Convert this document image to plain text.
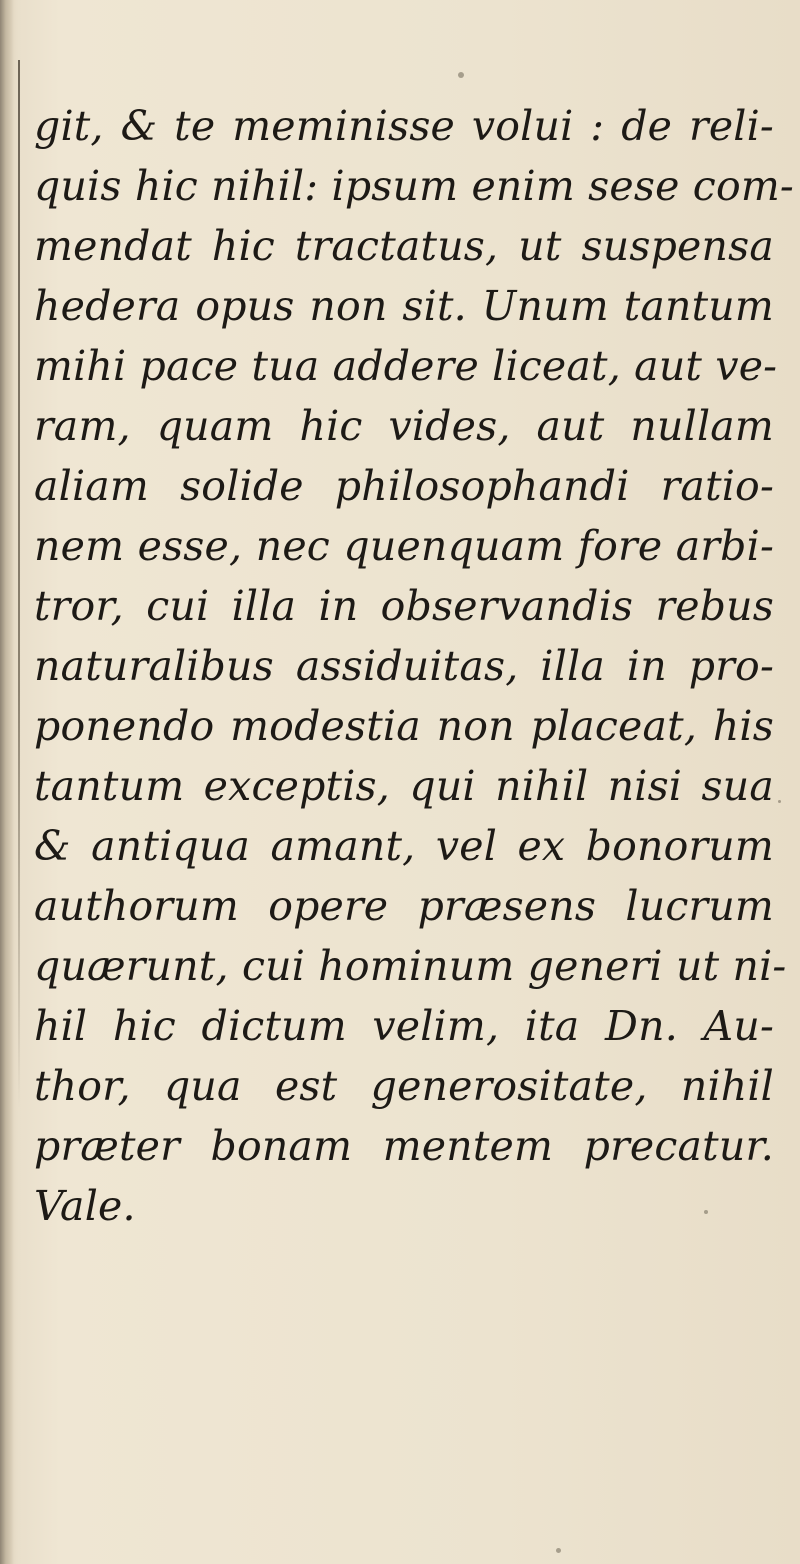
git, & te meminisse volui : de reli-
quis hic nihil: ipsum enim sese com-
mendat hic tractatus, ut suspensa
hedera opus non sit. Unum tantum
mihi pace tua addere liceat, aut ve-
ram, quam hic vides, aut nullam
aliam solide philosophandi ratio-
nem esse, nec quenquam fore arbi-
tror, cui illa in observandis rebus
naturalibus assiduitas, illa in pro-
ponendo modestia non placeat, his
tantum exceptis, qui nihil nisi sua
& antiqua amant, vel ex bonorum
authorum opere præsens lucrum
quærunt, cui hominum generi ut ni-
hil hic dictum velim, ita Dn. Au-
thor, qua est generositate, nihil
præter bonam mentem precatur.
Vale.
